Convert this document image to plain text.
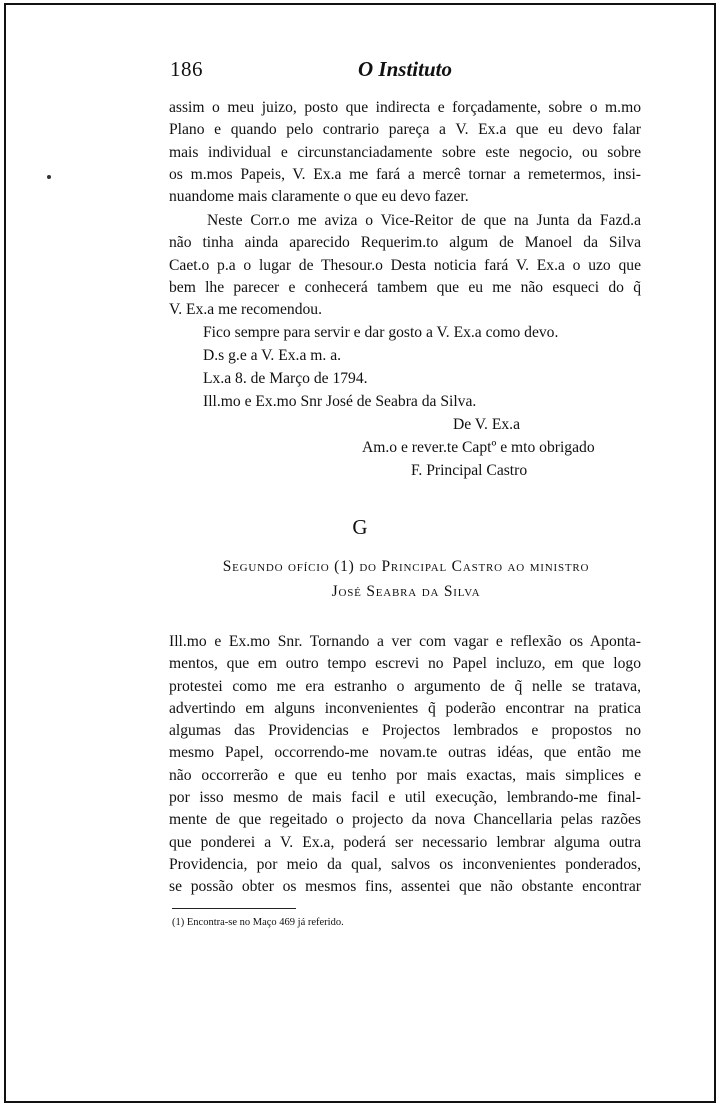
186	O Instituto
assim o meu juizo, posto que indirecta e forçadamente, sobre o m.mo
Plano e quando pelo contrario pareça a V. Ex.a que eu devo falar
mais individual e circunstanciadamente sobre este negocio, ou sobre
os m.mos Papeis, V. Ex.a me fará a mercê tornar a remetermos, insi-
nuandome mais claramente o que eu devo fazer.
Neste Corr.o me aviza o Vice-Reitor de que na Junta da Fazd.a
não tinha ainda aparecido Requerim.to algum de Manoel da Silva
Caet.o p.a o lugar de Thesour.o Desta noticia fará V. Ex.a o uzo que
bem lhe parecer e conhecerá tambem que eu me não esqueci do q̃
V. Ex.a me recomendou.
Fico sempre para servir e dar gosto a V. Ex.a como devo.
D.s g.e a V. Ex.a m. a.
Lx.a 8. de Março de 1794.
Ill.mo e Ex.mo Snr José de Seabra da Silva.
De V. Ex.a
Am.o e rever.te Captº e mto obrigado
F. Principal Castro
G
Segundo ofício (1) do Principal Castro ao ministro
José Seabra da Silva
Ill.mo e Ex.mo Snr. Tornando a ver com vagar e reflexão os Aponta-
mentos, que em outro tempo escrevi no Papel incluzo, em que logo
protestei como me era estranho o argumento de q̃ nelle se tratava,
advertindo em alguns inconvenientes q̃ poderão encontrar na pratica
algumas das Providencias e Projectos lembrados e propostos no
mesmo Papel, occorrendo-me novam.te outras idéas, que então me
não occorrerão e que eu tenho por mais exactas, mais simplices e
por isso mesmo de mais facil e util execução, lembrando-me final-
mente de que regeitado o projecto da nova Chancellaria pelas razões
que ponderei a V. Ex.a, poderá ser necessario lembrar alguma outra
Providencia, por meio da qual, salvos os inconvenientes ponderados,
se possão obter os mesmos fins, assentei que não obstante encontrar
(1) Encontra-se no Maço 469 já referido.
